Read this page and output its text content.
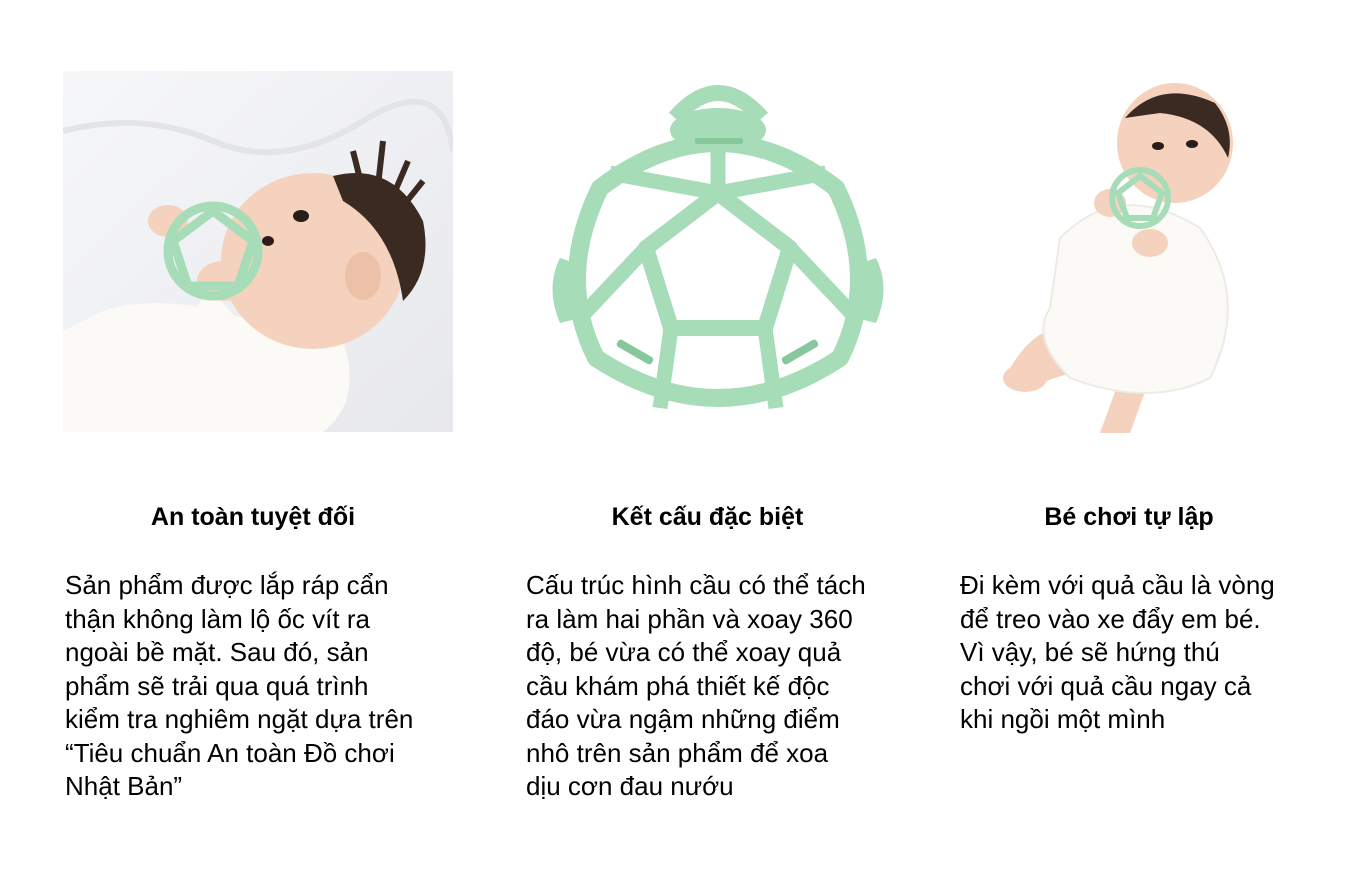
An toàn tuyệt đối	Kết cấu đặc biệt	Bé chơi tự lập
Sản phẩm được lắp ráp cẩn
thận không làm lộ ốc vít ra
ngoài bề mặt. Sau đó, sản
phẩm sẽ trải qua quá trình
kiểm tra nghiêm ngặt dựa trên
“Tiêu chuẩn An toàn Đồ chơi
Nhật Bản”
Cấu trúc hình cầu có thể tách
ra làm hai phần và xoay 360
độ, bé vừa có thể xoay quả
cầu khám phá thiết kế độc
đáo vừa ngậm những điểm
nhô trên sản phẩm để xoa
dịu cơn đau nướu
Đi kèm với quả cầu là vòng
để treo vào xe đẩy em bé.
Vì vậy, bé sẽ hứng thú
chơi với quả cầu ngay cả
khi ngồi một mình
